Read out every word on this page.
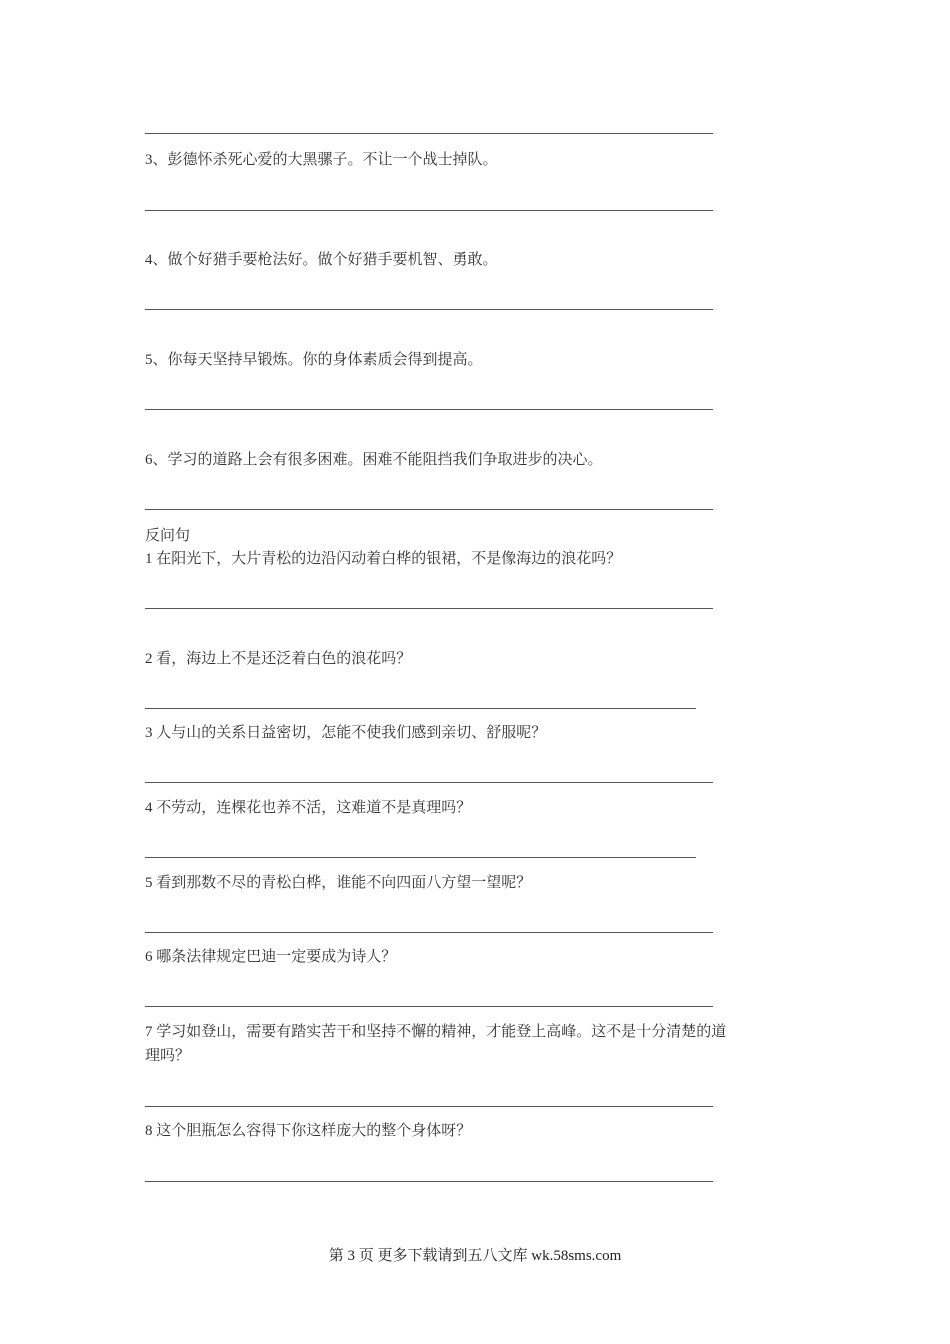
3、彭德怀杀死心爱的大黑骡子。不让一个战士掉队。
4、做个好猎手要枪法好。做个好猎手要机智、勇敢。
5、你每天坚持早锻炼。你的身体素质会得到提高。
6、学习的道路上会有很多困难。困难不能阻挡我们争取进步的决心。
反问句
1 在阳光下，大片青松的边沿闪动着白桦的银裙，不是像海边的浪花吗？
2 看，海边上不是还泛着白色的浪花吗？
3 人与山的关系日益密切，怎能不使我们感到亲切、舒服呢？
4 不劳动，连棵花也养不活，这难道不是真理吗？
5 看到那数不尽的青松白桦，谁能不向四面八方望一望呢？
6 哪条法律规定巴迪一定要成为诗人？
7 学习如登山，需要有踏实苦干和坚持不懈的精神，才能登上高峰。这不是十分清楚的道
理吗？
8 这个胆瓶怎么容得下你这样庞大的整个身体呀？
第 3 页 更多下载请到五八文库 wk.58sms.com
